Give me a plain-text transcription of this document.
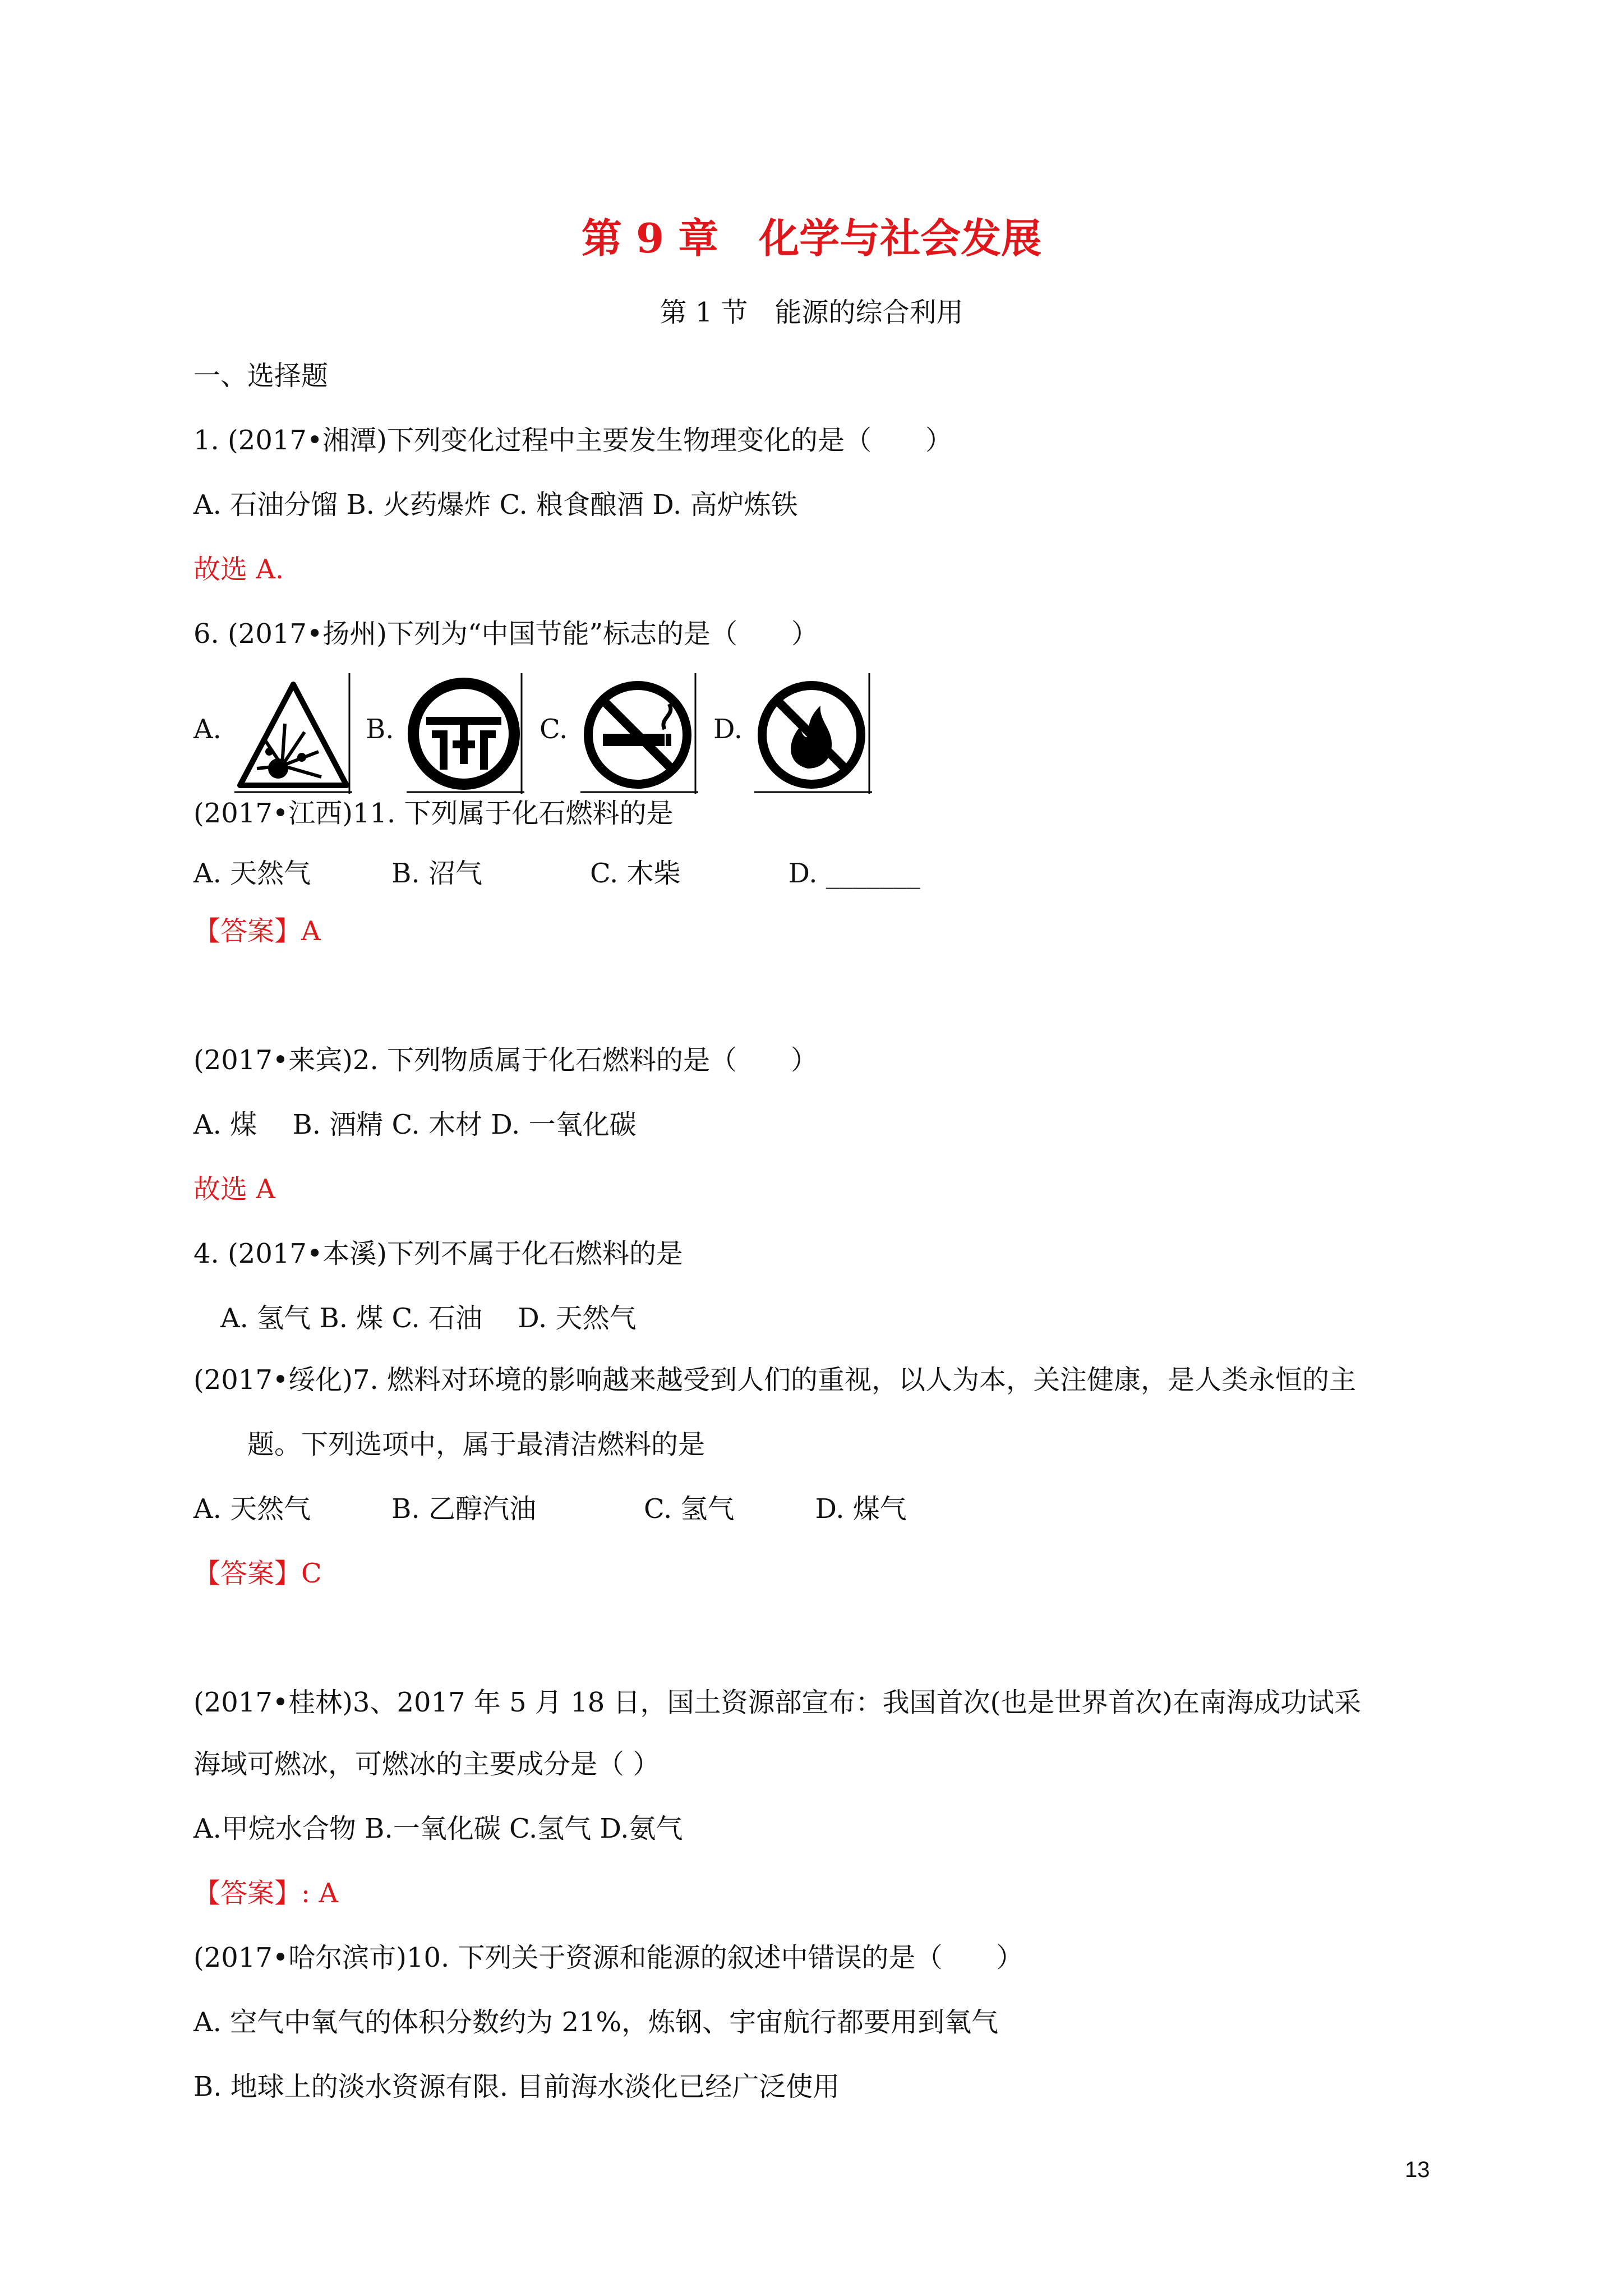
第 9 章　化学与社会发展
第 1 节　能源的综合利用
一、选择题
1. (2017•湘潭)下列变化过程中主要发生物理变化的是（　　）
A. 石油分馏 B. 火药爆炸 C. 粮食酿酒 D. 高炉炼铁
故选 A.
6. (2017•扬州)下列为“中国节能”标志的是（　　）
A.	B.	C.	D.
(2017•江西)11. 下列属于化石燃料的是
A. 天然气　　　B. 沼气　　　　C. 木柴　　　　D. _______
【答案】A
(2017•来宾)2. 下列物质属于化石燃料的是（　　）
A. 煤　 B. 酒精 C. 木材 D. 一氧化碳
故选 A
4. (2017•本溪)下列不属于化石燃料的是
　A. 氢气 B. 煤 C. 石油　 D. 天然气
(2017•绥化)7. 燃料对环境的影响越来越受到人们的重视，以人为本，关注健康，是人类永恒的主
　　题。下列选项中，属于最清洁燃料的是
A. 天然气　　　B. 乙醇汽油　　　　C. 氢气　　　D. 煤气
【答案】C
(2017•桂林)3、2017 年 5 月 18 日，国土资源部宣布：我国首次(也是世界首次)在南海成功试采
海域可燃冰，可燃冰的主要成分是（ ）
A.甲烷水合物 B.一氧化碳 C.氢气 D.氨气
【答案】: A
(2017•哈尔滨市)10. 下列关于资源和能源的叙述中错误的是（　　）
A. 空气中氧气的体积分数约为 21%，炼钢、宇宙航行都要用到氧气
B. 地球上的淡水资源有限. 目前海水淡化已经广泛使用
13
